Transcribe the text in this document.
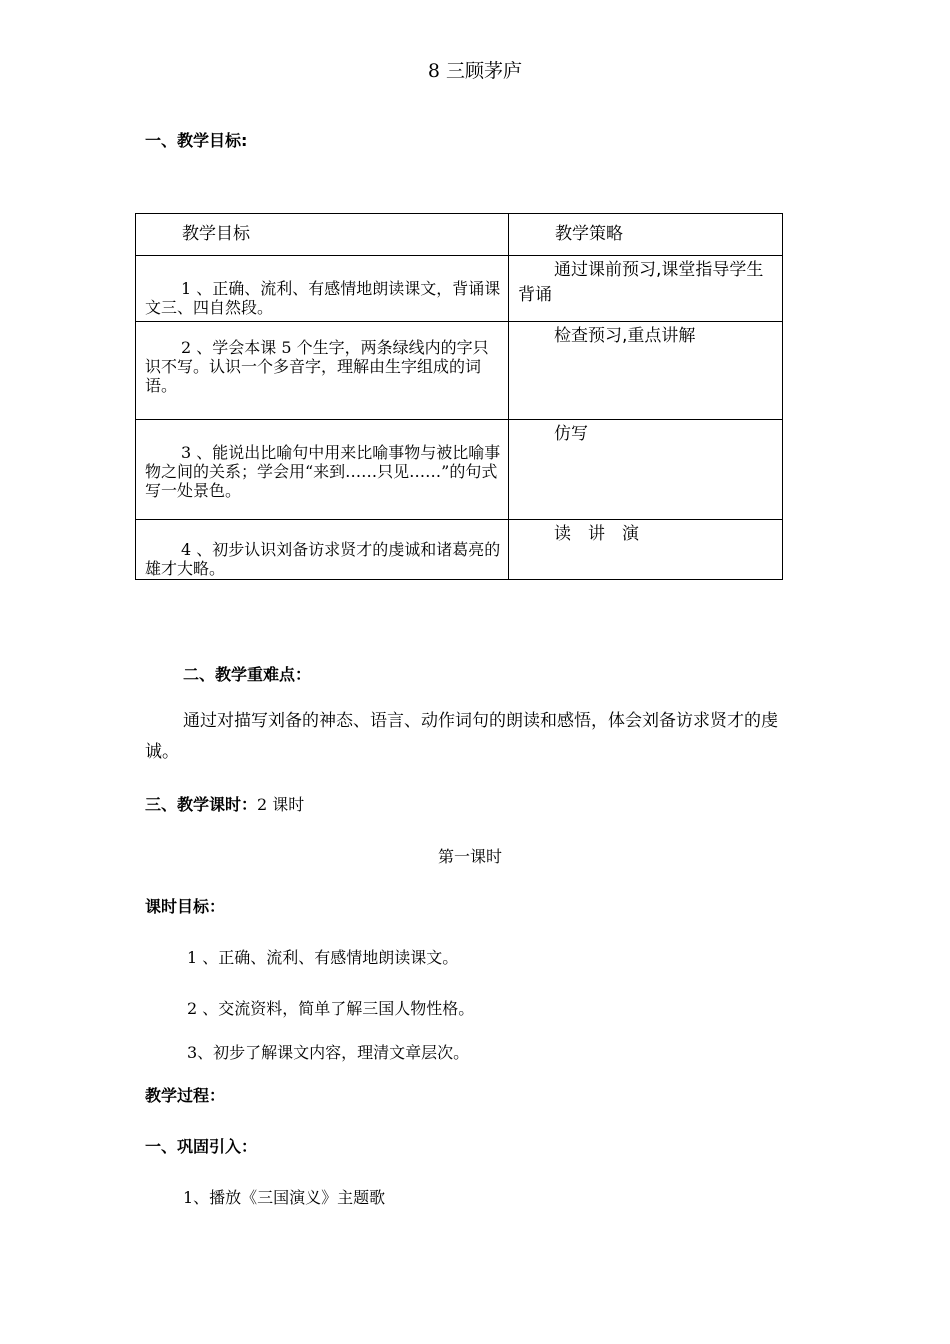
8 三顾茅庐
一、教学目标:
教学目标	教学策略

1 、正确、流利、有感情地朗读课文，背诵课文三、四自然段。	通过课前预习,课堂指导学生背诵

2 、学会本课 5 个生字，两条绿线内的字只识不写。认识一个多音字，理解由生字组成的词语。	检查预习,重点讲解

3 、能说出比喻句中用来比喻事物与被比喻事物之间的关系；学会用“来到……只见……”的句式写一处景色。	仿写

4 、初步认识刘备访求贤才的虔诚和诸葛亮的雄才大略。	读　讲　演
二、教学重难点：
通过对描写刘备的神态、语言、动作词句的朗读和感悟，体会刘备访求贤才的虔诚。
三、教学课时：2 课时
第一课时
课时目标：
1 、正确、流利、有感情地朗读课文。
2 、交流资料，简单了解三国人物性格。
3、初步了解课文内容，理清文章层次。
教学过程：
一、巩固引入：
1、播放《三国演义》主题歌
